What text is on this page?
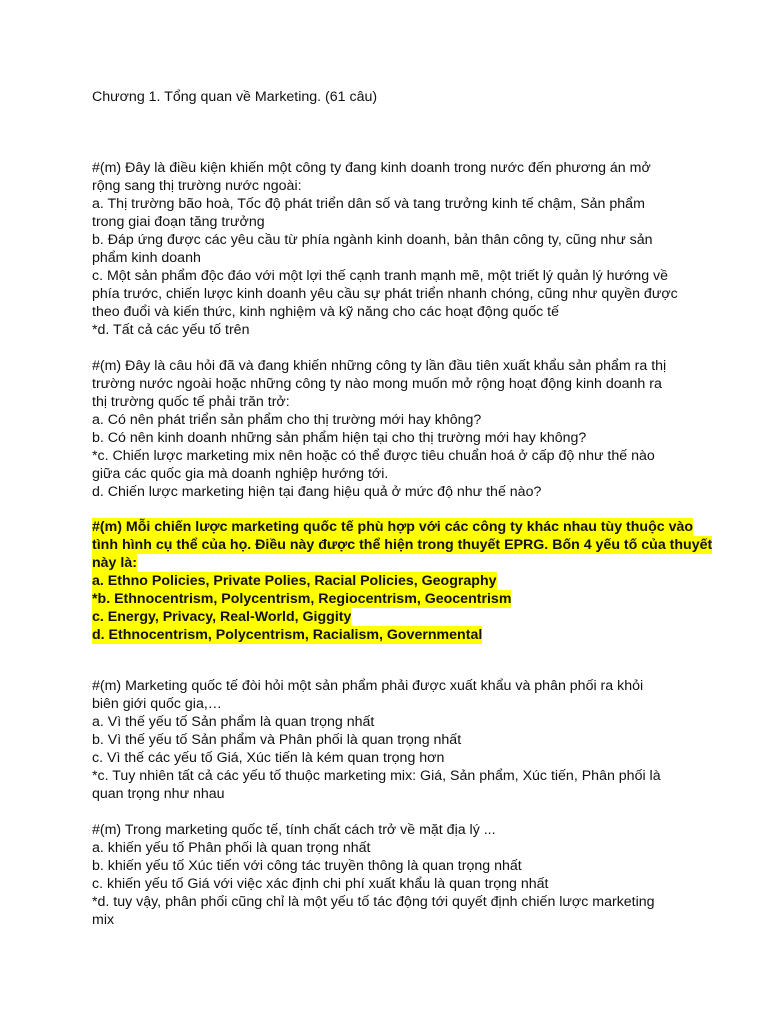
Chương 1. Tổng quan về Marketing. (61 câu)
#(m) Đây là điều kiện khiến một công ty đang kinh doanh trong nước đến phương án mở
rộng sang thị trường nước ngoài:
a. Thị trường bão hoà, Tốc độ phát triển dân số và tang trưởng kinh tế chậm, Sản phẩm
trong giai đoạn tăng trưởng
b. Đáp ứng được các yêu cầu từ phía ngành kinh doanh, bản thân công ty, cũng như sản
phẩm kinh doanh
c. Một sản phẩm độc đáo với một lợi thế cạnh tranh mạnh mẽ, một triết lý quản lý hướng về
phía trước, chiến lược kinh doanh yêu cầu sự phát triển nhanh chóng, cũng như quyền được
theo đuổi và kiến thức, kinh nghiệm và kỹ năng cho các hoạt động quốc tế
*d. Tất cả các yếu tố trên
#(m) Đây là câu hỏi đã và đang khiến những công ty lần đầu tiên xuất khẩu sản phẩm ra thị
trường nước ngoài hoặc những công ty nào mong muốn mở rộng hoạt động kinh doanh ra
thị trường quốc tế phải trăn trở:
a. Có nên phát triển sản phẩm cho thị trường mới hay không?
b. Có nên kinh doanh những sản phẩm hiện tại cho thị trường mới hay không?
*c. Chiến lược marketing mix nên hoặc có thể được tiêu chuẩn hoá ở cấp độ như thế nào
giữa các quốc gia mà doanh nghiệp hướng tới.
d. Chiến lược marketing hiện tại đang hiệu quả ở mức độ như thế nào?
#(m) Mỗi chiến lược marketing quốc tế phù hợp với các công ty khác nhau tùy thuộc vào
tình hình cụ thể của họ. Điều này được thể hiện trong thuyết EPRG. Bốn 4 yếu tố của thuyết
này là:
a. Ethno Policies, Private Polies, Racial Policies, Geography
*b. Ethnocentrism, Polycentrism, Regiocentrism, Geocentrism
c. Energy, Privacy, Real-World, Giggity
d. Ethnocentrism, Polycentrism, Racialism, Governmental
#(m) Marketing quốc tế đòi hỏi một sản phẩm phải được xuất khẩu và phân phối ra khỏi
biên giới quốc gia,…
a. Vì thế yếu tố Sản phẩm là quan trọng nhất
b. Vì thế yếu tố Sản phẩm và Phân phối là quan trọng nhất
c. Vì thế các yếu tố Giá, Xúc tiến là kém quan trọng hơn
*c. Tuy nhiên tất cả các yếu tố thuộc marketing mix: Giá, Sản phẩm, Xúc tiến, Phân phối là
quan trọng như nhau
#(m) Trong marketing quốc tế, tính chất cách trở về mặt địa lý ...
a. khiến yếu tố Phân phối là quan trọng nhất
b. khiến yếu tố Xúc tiến với công tác truyền thông là quan trọng nhất
c. khiến yếu tố Giá với việc xác định chi phí xuất khẩu là quan trọng nhất
*d. tuy vậy, phân phối cũng chỉ là một yếu tố tác động tới quyết định chiến lược marketing
mix
